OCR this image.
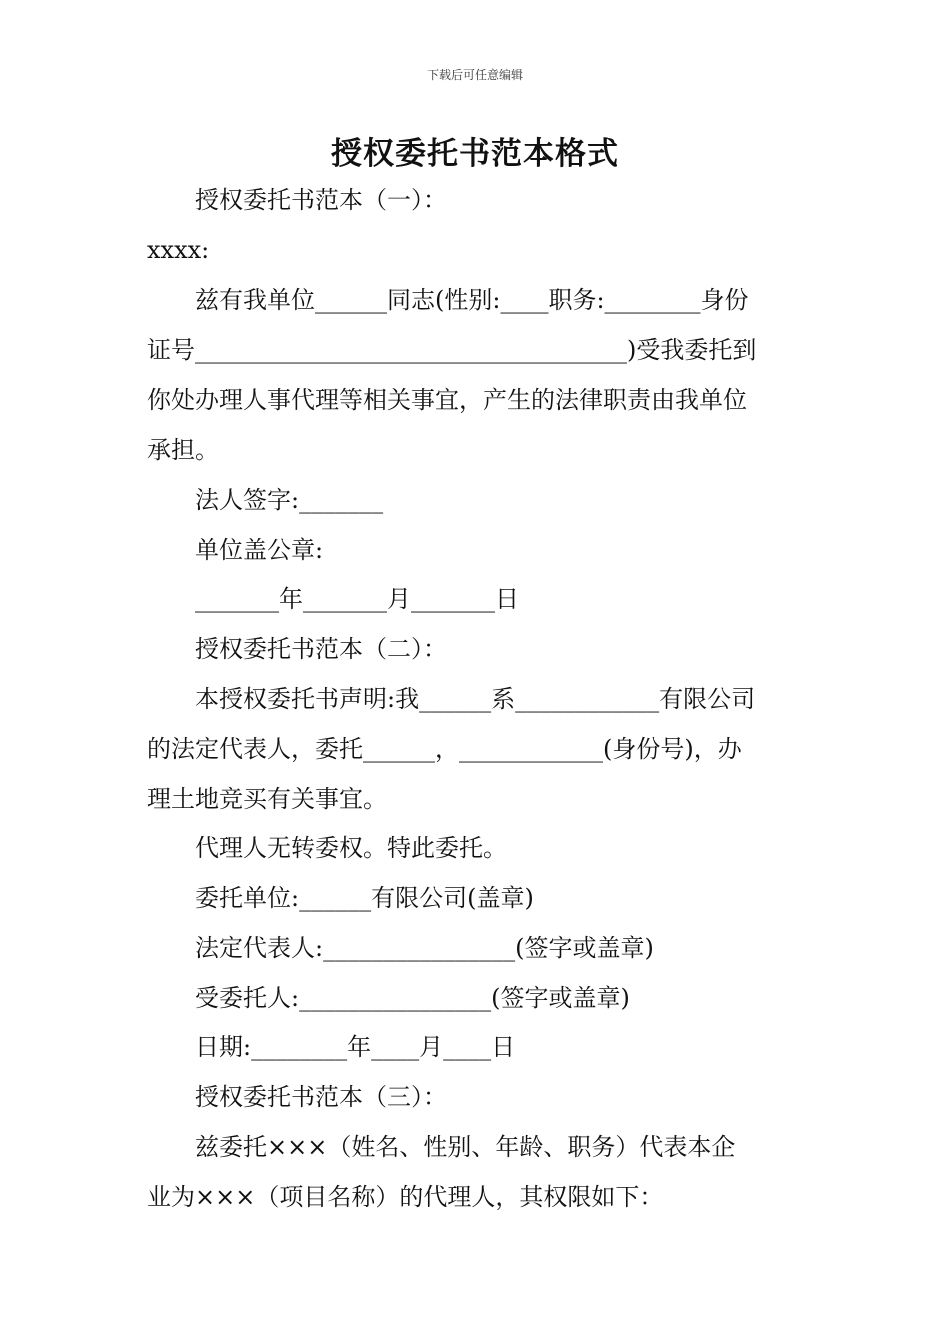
下载后可任意编辑
授权委托书范本格式
授权委托书范本（一）：
xxxx:
兹有我单位______同志(性别:____职务:________身份
证号____________________________________)受我委托到
你处办理人事代理等相关事宜，产生的法律职责由我单位
承担。
法人签字:_______
单位盖公章:
_______年_______月_______日
授权委托书范本（二）：
本授权委托书声明:我______系____________有限公司
的法定代表人，委托______，____________(身份号)，办
理土地竞买有关事宜。
代理人无转委权。特此委托。
委托单位:______有限公司(盖章)
法定代表人:________________(签字或盖章)
受委托人:________________(签字或盖章)
日期:________年____月____日
授权委托书范本（三）：
兹委托×××（姓名、性别、年龄、职务）代表本企
业为×××（项目名称）的代理人，其权限如下：
